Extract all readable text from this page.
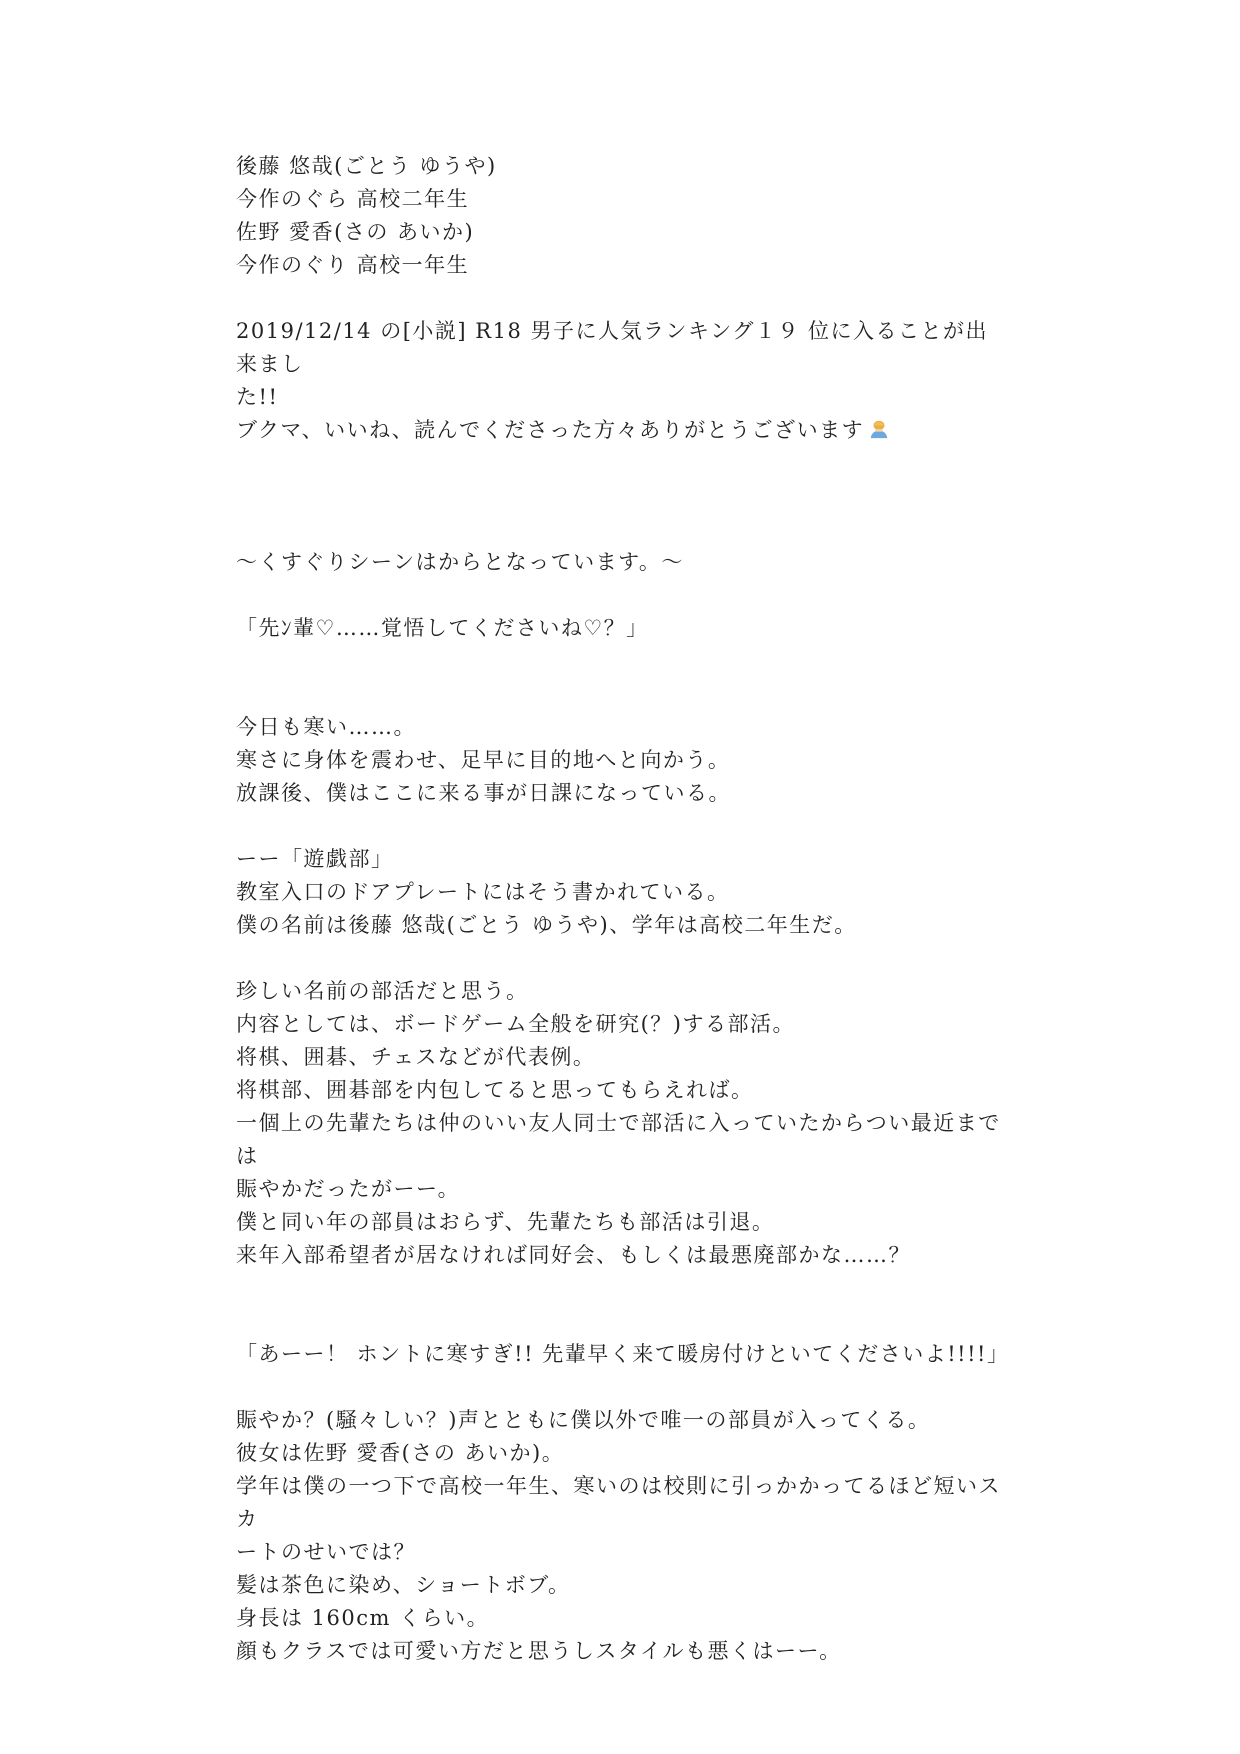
後藤 悠哉(ごとう ゆうや)
今作のぐら 高校二年生
佐野 愛香(さの あいか)
今作のぐり 高校一年生
2019/12/14 の[小説] R18 男子に人気ランキング１９ 位に入ることが出来まし
た!!
ブクマ、いいね、読んでくださった方々ありがとうございます
〜くすぐりシーンはからとなっています。〜
「先ﾝ輩♡……覚悟してくださいね♡？」
今日も寒い……。
寒さに身体を震わせ、足早に目的地へと向かう。
放課後、僕はここに来る事が日課になっている。
ーー「遊戯部」
教室入口のドアプレートにはそう書かれている。
僕の名前は後藤 悠哉(ごとう ゆうや)、学年は高校二年生だ。
珍しい名前の部活だと思う。
内容としては、ボードゲーム全般を研究(？)する部活。
将棋、囲碁、チェスなどが代表例。
将棋部、囲碁部を内包してると思ってもらえれば。
一個上の先輩たちは仲のいい友人同士で部活に入っていたからつい最近までは
賑やかだったがーー。
僕と同い年の部員はおらず、先輩たちも部活は引退。
来年入部希望者が居なければ同好会、もしくは最悪廃部かな……？
「あーー！ ホントに寒すぎ!! 先輩早く来て暖房付けといてくださいよ!!!!」
賑やか？(騒々しい？)声とともに僕以外で唯一の部員が入ってくる。
彼女は佐野 愛香(さの あいか)。
学年は僕の一つ下で高校一年生、寒いのは校則に引っかかってるほど短いスカ
ートのせいでは？
髪は茶色に染め、ショートボブ。
身長は 160cm くらい。
顔もクラスでは可愛い方だと思うしスタイルも悪くはーー。
